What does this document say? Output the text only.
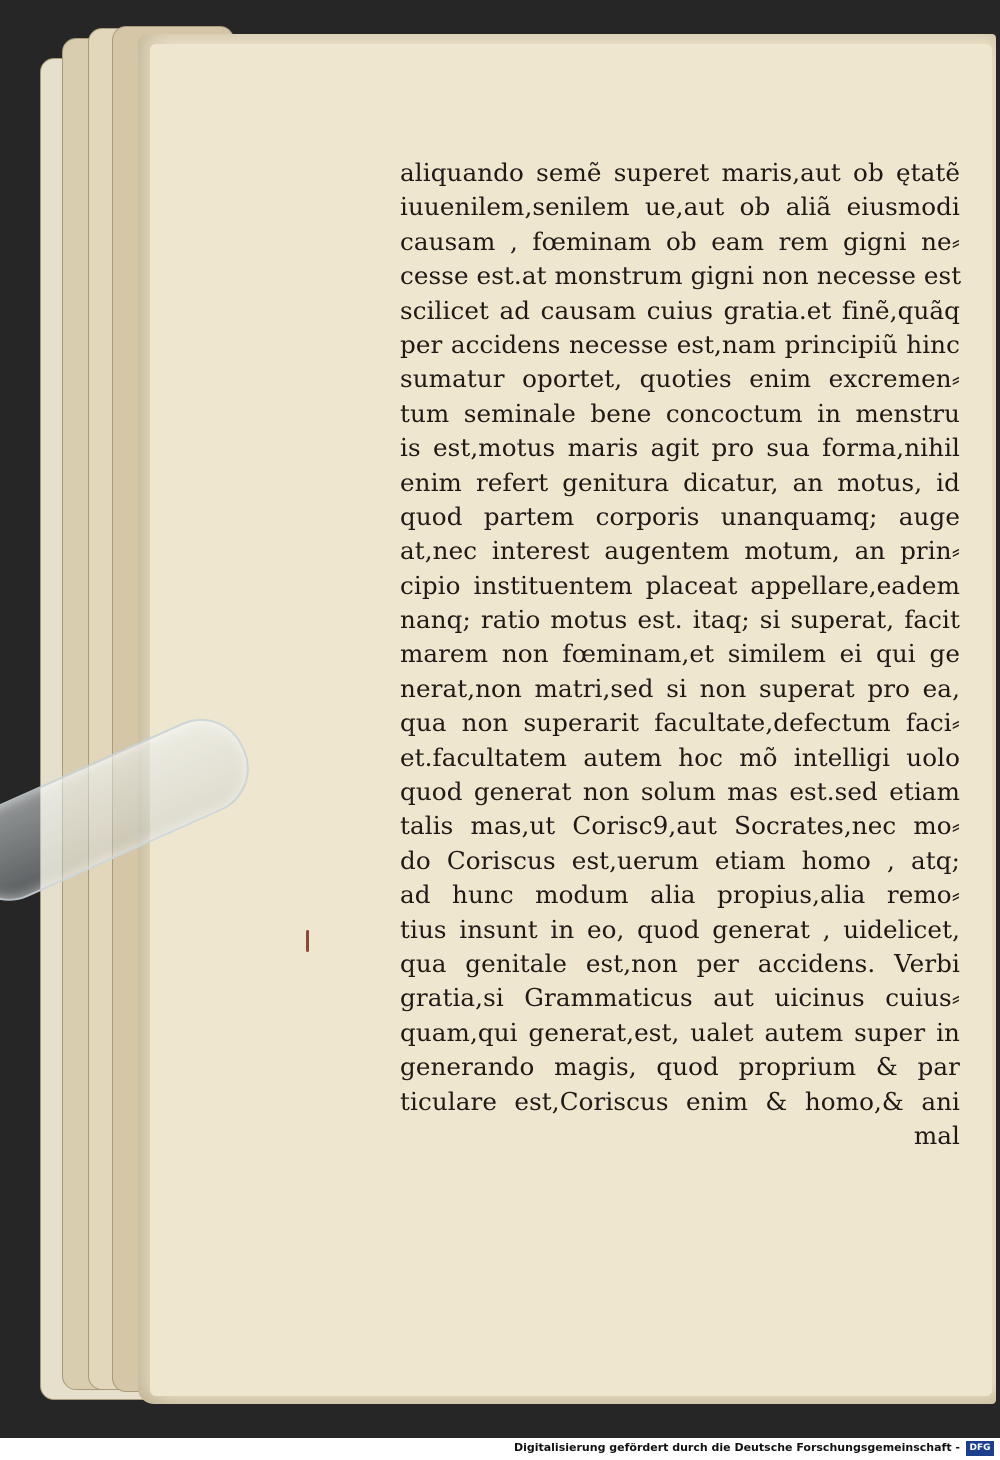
aliquando semẽ superet maris,aut ob ętatẽ
iuuenilem,senilem ue,aut ob aliã eiusmodi
causam , fœminam ob eam rem gigni ne⸗
cesse est.at monstrum gigni non necesse est
scilicet ad causam cuius gratia.et finẽ,quãq
per accidens necesse est,nam principiũ hinc
sumatur oportet, quoties enim excremen⸗
tum seminale bene concoctum in menstru
is est,motus maris agit pro sua forma,nihil
enim refert genitura dicatur, an motus, id
quod partem corporis unanquamq; auge
at,nec interest augentem motum, an prin⸗
cipio instituentem placeat appellare,eadem
nanq; ratio motus est. itaq; si superat, facit
marem non fœminam,et similem ei qui ge
nerat,non matri,sed si non superat pro ea,
qua non superarit facultate,defectum faci⸗
et.facultatem autem hoc mõ intelligi uolo
quod generat non solum mas est.sed etiam
talis mas,ut Corisc9,aut Socrates,nec mo⸗
do Coriscus est,uerum etiam homo , atq;
ad hunc modum alia propius,alia remo⸗
tius insunt in eo, quod generat , uidelicet,
qua genitale est,non per accidens. Verbi
gratia,si Grammaticus aut uicinus cuius⸗
quam,qui generat,est, ualet autem super in
generando magis, quod proprium & par
ticulare est,Coriscus enim & homo,& ani
mal
Digitalisierung gefördert durch die Deutsche Forschungsgemeinschaft -	DFG
